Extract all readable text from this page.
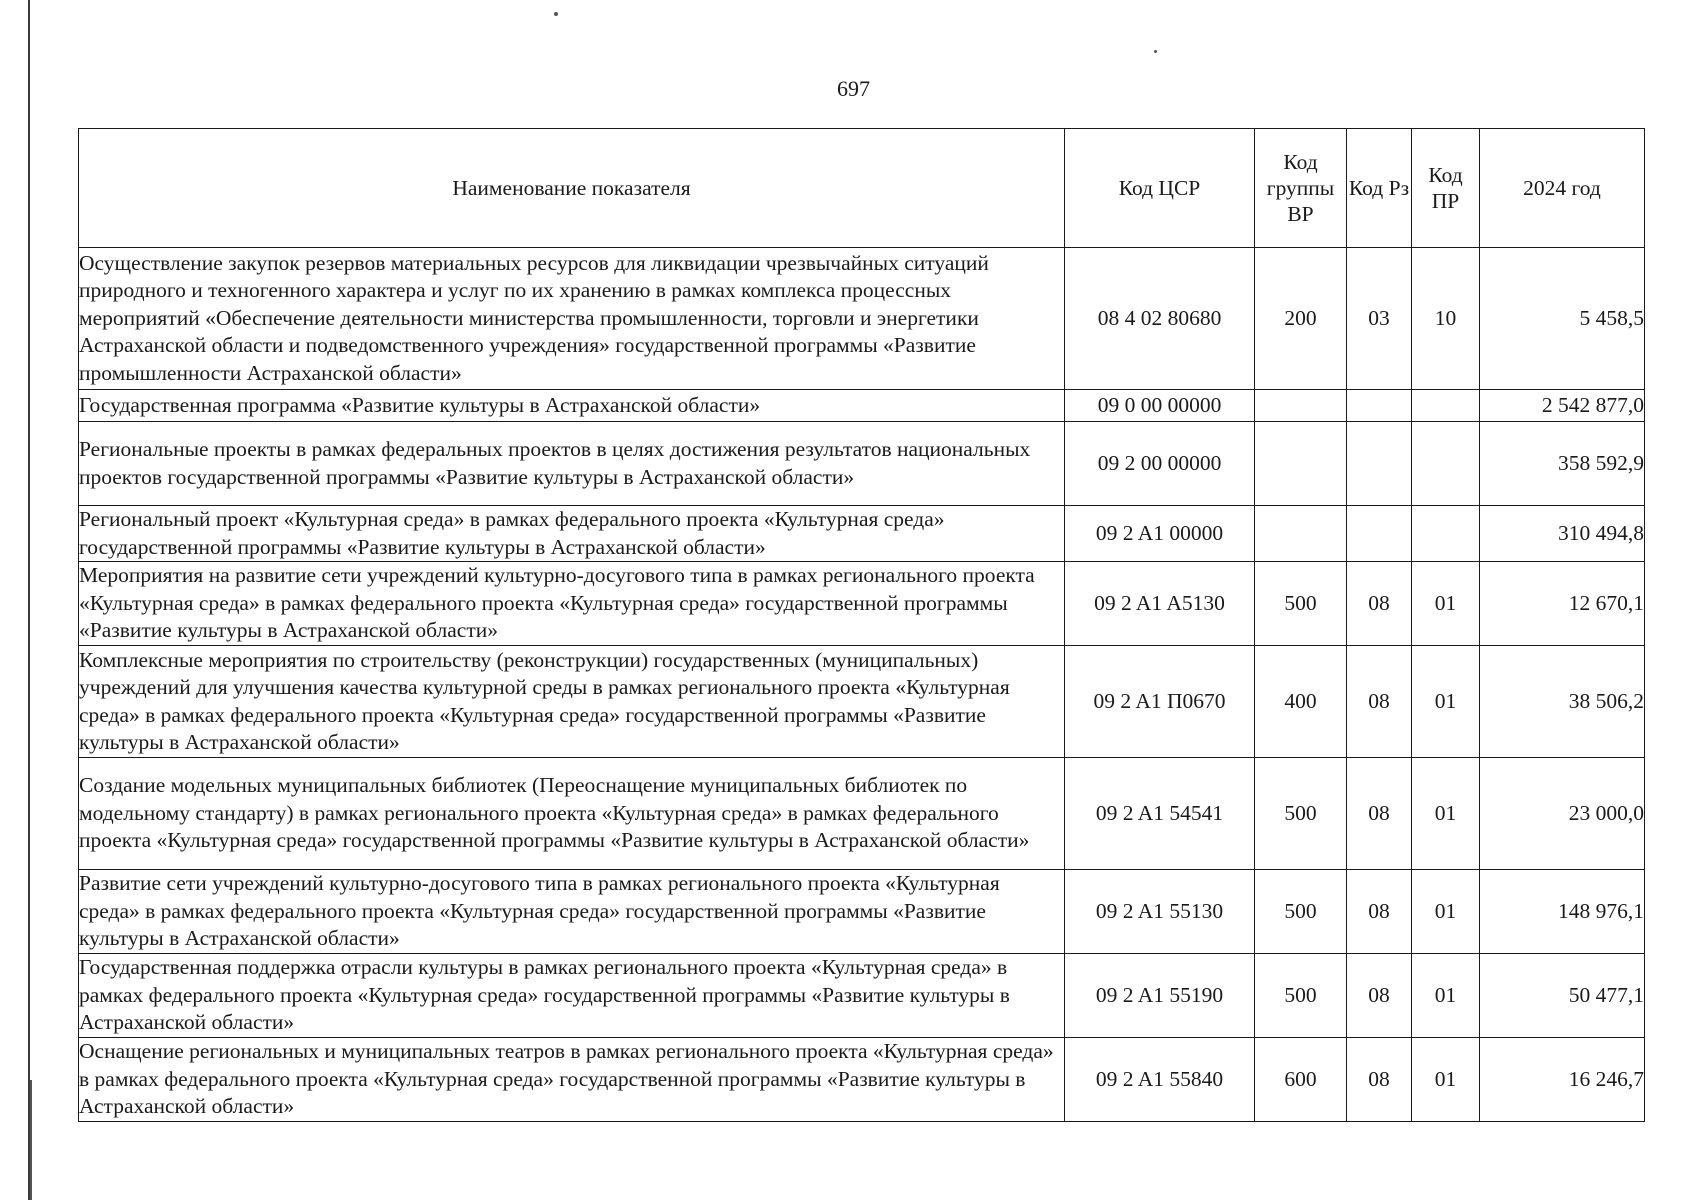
697
Наименование показателя	Код ЦСР	Код группы ВР	Код Рз	Код ПР	2024 год
Осуществление закупок резервов материальных ресурсов для ликвидации чрезвычайных ситуаций природного и техногенного характера и услуг по их хранению в рамках комплекса процессных мероприятий «Обеспечение деятельности министерства промышленности, торговли и энергетики Астраханской области и подведомственного учреждения» государственной программы «Развитие промышленности Астраханской области»	08 4 02 80680	200	03	10	5 458,5
Государственная программа «Развитие культуры в Астраханской области»	09 0 00 00000				2 542 877,0
Региональные проекты в рамках федеральных проектов в целях достижения результатов национальных проектов государственной программы «Развитие культуры в Астраханской области»	09 2 00 00000				358 592,9
Региональный проект «Культурная среда» в рамках федерального проекта «Культурная среда» государственной программы «Развитие культуры в Астраханской области»	09 2 A1 00000				310 494,8
Мероприятия на развитие сети учреждений культурно-досугового типа в рамках регионального проекта «Культурная среда» в рамках федерального проекта «Культурная среда» государственной программы «Развитие культуры в Астраханской области»	09 2 A1 A5130	500	08	01	12 670,1
Комплексные мероприятия по строительству (реконструкции) государственных (муниципальных) учреждений для улучшения качества культурной среды в рамках регионального проекта «Культурная среда» в рамках федерального проекта «Культурная среда» государственной программы «Развитие культуры в Астраханской области»	09 2 A1 П0670	400	08	01	38 506,2
Создание модельных муниципальных библиотек (Переоснащение муниципальных библиотек по модельному стандарту) в рамках регионального проекта «Культурная среда» в рамках федерального проекта «Культурная среда» государственной программы «Развитие культуры в Астраханской области»	09 2 A1 54541	500	08	01	23 000,0
Развитие сети учреждений культурно-досугового типа в рамках регионального проекта «Культурная среда» в рамках федерального проекта «Культурная среда» государственной программы «Развитие культуры в Астраханской области»	09 2 A1 55130	500	08	01	148 976,1
Государственная поддержка отрасли культуры в рамках регионального проекта «Культурная среда» в рамках федерального проекта «Культурная среда» государственной программы «Развитие культуры в Астраханской области»	09 2 A1 55190	500	08	01	50 477,1
Оснащение региональных и муниципальных театров в рамках регионального проекта «Культурная среда» в рамках федерального проекта «Культурная среда» государственной программы «Развитие культуры в Астраханской области»	09 2 A1 55840	600	08	01	16 246,7
